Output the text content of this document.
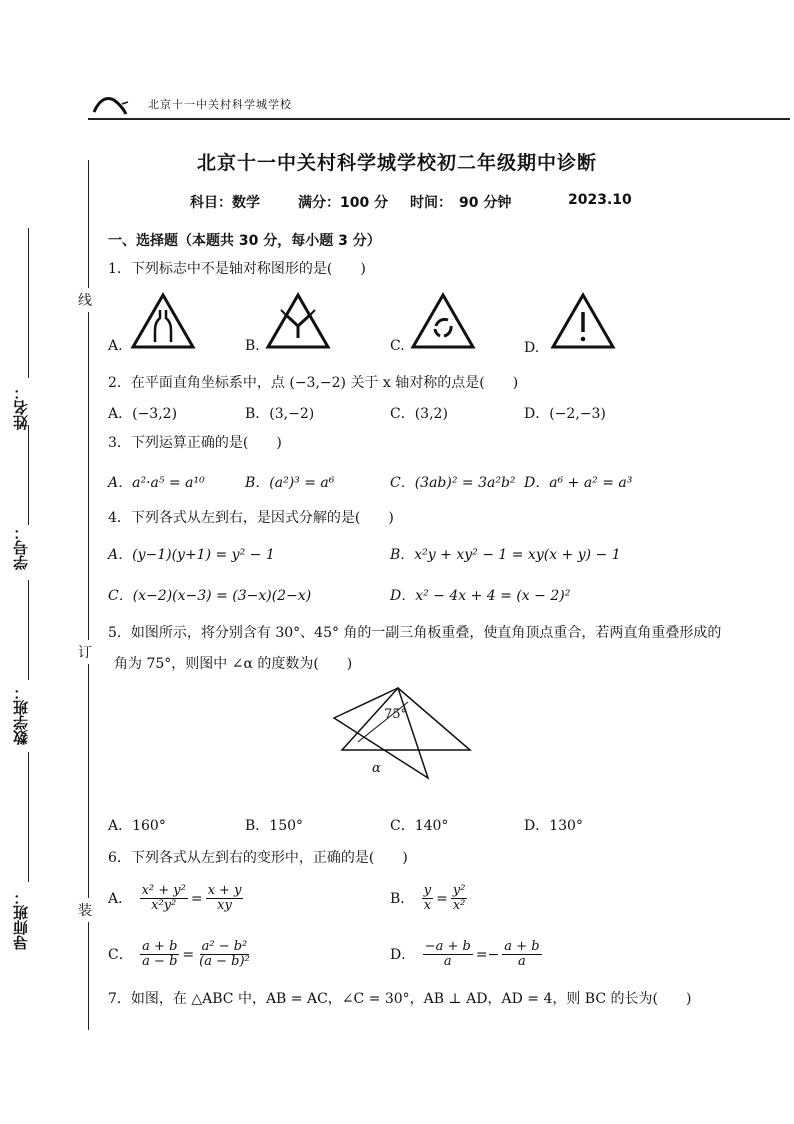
北京十一中关村科学城学校
北京十一中关村科学城学校初二年级期中诊断
科目：数学	满分：100 分 时间：　90 分钟	2023.10
线
订
装
姓名：
学号：
数学班：
导师班：
一、选择题（本题共 30 分，每小题 3 分）
1．下列标志中不是轴对称图形的是(　　)
A.	B.	C.	D.
2．在平面直角坐标系中，点 (−3,−2) 关于 x 轴对称的点是(　　)
A．(−3,2)	B．(3,−2)	C．(3,2)	D．(−2,−3)
3．下列运算正确的是(　　)
A．a²·a⁵ = a¹⁰	B．(a²)³ = a⁶	C．(3ab)² = 3a²b² D．a⁶ + a² = a³
4．下列各式从左到右，是因式分解的是(　　)
A．(y−1)(y+1) = y² − 1	B．x²y + xy² − 1 = xy(x + y) − 1
C．(x−2)(x−3) = (3−x)(2−x)	D．x² − 4x + 4 = (x − 2)²
5．如图所示，将分别含有 30°、45° 角的一副三角板重叠，使直角顶点重合，若两直角重叠形成的
角为 75°，则图中 ∠α 的度数为(　　)
75°
α
A．160°	B．150°	C．140°	D．130°
6．下列各式从左到右的变形中，正确的是(　　)
A． $\frac{\text{x² + y²}}{\text{x²y²}} = \frac{x + y}{xy}$	B． $\frac{y}{x} = \frac{\text{y²}}{\text{x²}}$
C． $\frac{a + b}{a - b} = \frac{\text{a² − b²}}{\text{(a − b)²}}$	D． $\frac{-a + b}{a} =- \frac{a + b}{a}$
7．如图，在 △ABC 中，AB = AC，∠C = 30°，AB ⊥ AD，AD = 4，则 BC 的长为(　　)
